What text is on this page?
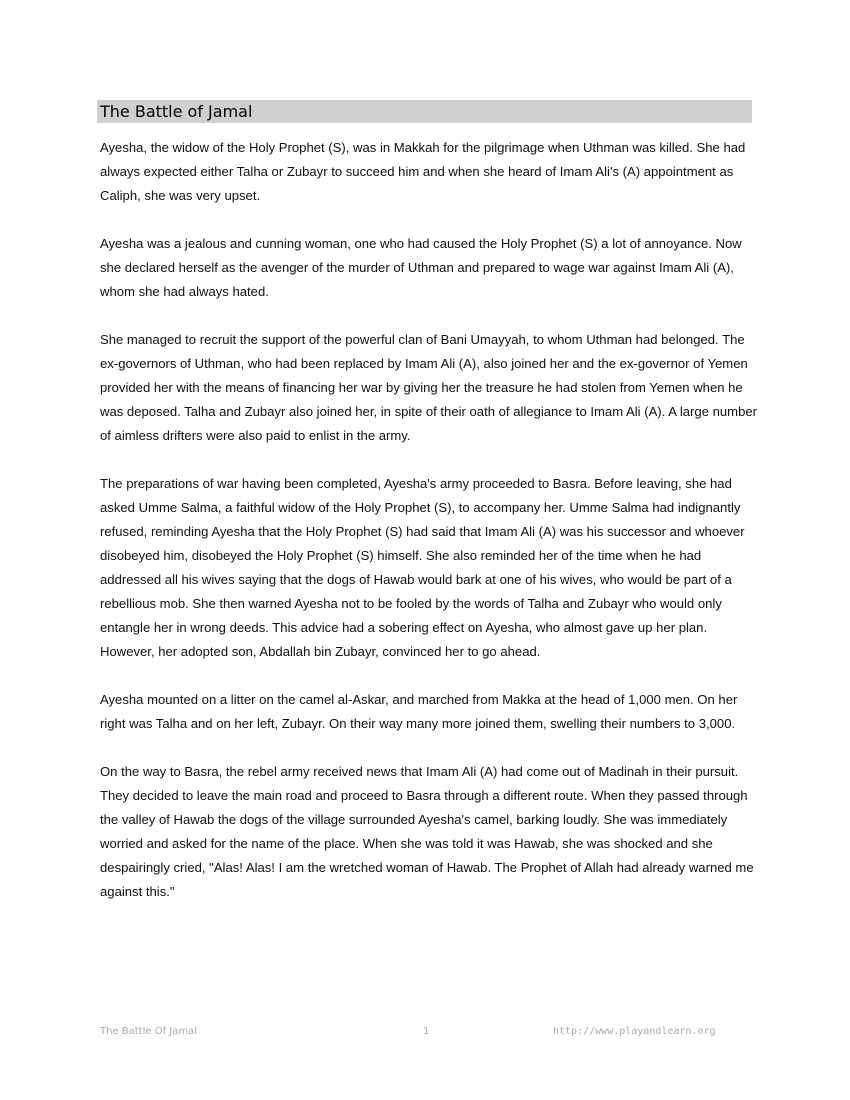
The Battle of Jamal

Ayesha, the widow of the Holy Prophet (S), was in Makkah for the pilgrimage when Uthman was killed. She had always expected either Talha or Zubayr to succeed him and when she heard of Imam Ali's (A) appointment as Caliph, she was very upset.

Ayesha was a jealous and cunning woman, one who had caused the Holy Prophet (S) a lot of annoyance. Now she declared herself as the avenger of the murder of Uthman and prepared to wage war against Imam Ali (A), whom she had always hated.

She managed to recruit the support of the powerful clan of Bani Umayyah, to whom Uthman had belonged. The ex-governors of Uthman, who had been replaced by Imam Ali (A), also joined her and the ex-governor of Yemen provided her with the means of financing her war by giving her the treasure he had stolen from Yemen when he was deposed. Talha and Zubayr also joined her, in spite of their oath of allegiance to Imam Ali (A). A large number of aimless drifters were also paid to enlist in the army.

The preparations of war having been completed, Ayesha's army proceeded to Basra. Before leaving, she had asked Umme Salma, a faithful widow of the Holy Prophet (S), to accompany her. Umme Salma had indignantly refused, reminding Ayesha that the Holy Prophet (S) had said that Imam Ali (A) was his successor and whoever disobeyed him, disobeyed the Holy Prophet (S) himself. She also reminded her of the time when he had addressed all his wives saying that the dogs of Hawab would bark at one of his wives, who would be part of a rebellious mob. She then warned Ayesha not to be fooled by the words of Talha and Zubayr who would only entangle her in wrong deeds. This advice had a sobering effect on Ayesha, who almost gave up her plan. However, her adopted son, Abdallah bin Zubayr, convinced her to go ahead.

Ayesha mounted on a litter on the camel al-Askar, and marched from Makka at the head of 1,000 men. On her right was Talha and on her left, Zubayr. On their way many more joined them, swelling their numbers to 3,000.

On the way to Basra, the rebel army received news that Imam Ali (A) had come out of Madinah in their pursuit. They decided to leave the main road and proceed to Basra through a different route. When they passed through the valley of Hawab the dogs of the village surrounded Ayesha's camel, barking loudly. She was immediately worried and asked for the name of the place. When she was told it was Hawab, she was shocked and she despairingly cried, "Alas! Alas! I am the wretched woman of Hawab. The Prophet of Allah had already warned me against this."

The Battle Of Jamal	1	http://www.playandlearn.org
